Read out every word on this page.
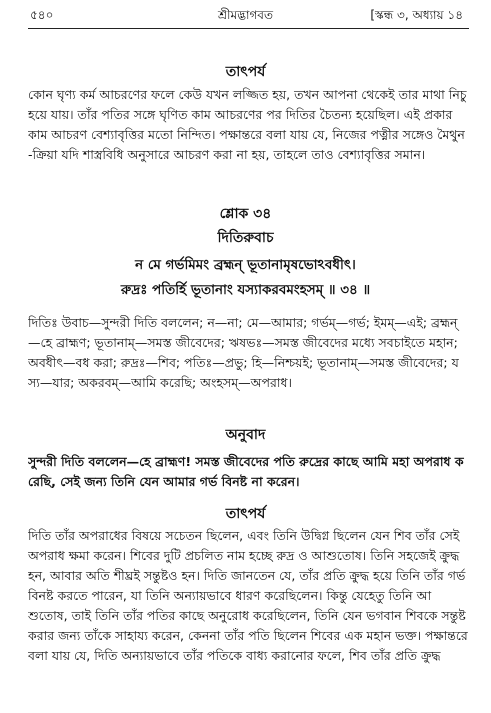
শ্রীমদ্ভাগবত
৫৪০	[স্কন্ধ ৩, অধ্যায় ১৪
তাৎপর্য

কোন ঘৃণ্য কর্ম আচরণের ফলে কেউ যখন লজ্জিত হয়, তখন আপনা থেকেই তার মাথা নিচু হয়ে যায়। তাঁর পতির সঙ্গে ঘৃণিত কাম আচরণের পর দিতির চৈতন্য হয়েছিল। এই প্রকার কাম আচরণ বেশ্যাবৃত্তির মতো নিন্দিত। পক্ষান্তরে বলা যায় যে, নিজের পত্নীর সঙ্গেও মৈথুন-ক্রিয়া যদি শাস্ত্রবিধি অনুসারে আচরণ করা না হয়, তাহলে তাও বেশ্যাবৃত্তির সমান।

শ্লোক ৩৪
দিতিরুবাচ
ন মে গর্ভমিমং ব্রহ্মন্ ভূতানামৃষভোঽবধীৎ।
রুদ্রঃ পতির্হি ভূতানাং যস্যাকরবমংহসম্ ॥ ৩৪ ॥

দিতিঃ উবাচ—সুন্দরী দিতি বললেন; ন—না; মে—আমার; গর্ভম্—গর্ভ; ইমম্—এই; ব্রহ্মন্—হে ব্রাহ্মণ; ভূতানাম্—সমস্ত জীবেদের; ঋষভঃ—সমস্ত জীবেদের মধ্যে সবচাইতে মহান; অবধীৎ—বধ করা; রুদ্রঃ—শিব; পতিঃ—প্রভু; হি—নিশ্চয়ই; ভূতানাম্—সমস্ত জীবেদের; যস্য—যার; অকরবম্—আমি করেছি; অংহসম্—অপরাধ।

অনুবাদ

সুন্দরী দিতি বললেন—হে ব্রাহ্মণ! সমস্ত জীবেদের পতি রুদ্রের কাছে আমি মহা অপরাধ করেছি, সেই জন্য তিনি যেন আমার গর্ভ বিনষ্ট না করেন।

তাৎপর্য

দিতি তাঁর অপরাধের বিষয়ে সচেতন ছিলেন, এবং তিনি উদ্বিগ্ন ছিলেন যেন শিব তাঁর সেই অপরাধ ক্ষমা করেন। শিবের দুটি প্রচলিত নাম হচ্ছে রুদ্র ও আশুতোষ। তিনি সহজেই ক্রুদ্ধ হন, আবার অতি শীঘ্রই সন্তুষ্টও হন। দিতি জানতেন যে, তাঁর প্রতি ক্রুদ্ধ হয়ে তিনি তাঁর গর্ভ বিনষ্ট করতে পারেন, যা তিনি অন্যায়ভাবে ধারণ করেছিলেন। কিন্তু যেহেতু তিনি আশুতোষ, তাই তিনি তাঁর পতির কাছে অনুরোধ করেছিলেন, তিনি যেন ভগবান শিবকে সন্তুষ্ট করার জন্য তাঁকে সাহায্য করেন, কেননা তাঁর পতি ছিলেন শিবের এক মহান ভক্ত। পক্ষান্তরে বলা যায় যে, দিতি অন্যায়ভাবে তাঁর পতিকে বাধ্য করানোর ফলে, শিব তাঁর প্রতি ক্রুদ্ধ
